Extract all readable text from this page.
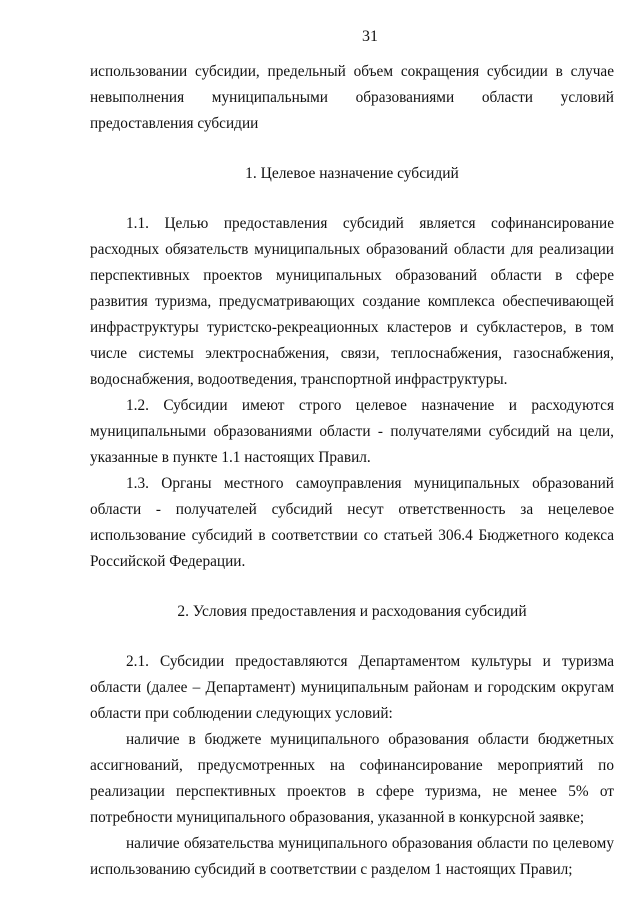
31

использовании субсидии, предельный объем сокращения субсидии в случае невыполнения муниципальными образованиями области условий предоставления субсидии

1. Целевое назначение субсидий

1.1. Целью предоставления субсидий является софинансирование расходных обязательств муниципальных образований области для реализации перспективных проектов муниципальных образований области в сфере развития туризма, предусматривающих создание комплекса обеспечивающей инфраструктуры туристско-рекреационных кластеров и субкластеров, в том числе системы электроснабжения, связи, теплоснабжения, газоснабжения, водоснабжения, водоотведения, транспортной инфраструктуры.

1.2. Субсидии имеют строго целевое назначение и расходуются муниципальными образованиями области - получателями субсидий на цели, указанные в пункте 1.1 настоящих Правил.

1.3. Органы местного самоуправления муниципальных образований области - получателей субсидий несут ответственность за нецелевое использование субсидий в соответствии со статьей 306.4 Бюджетного кодекса Российской Федерации.

2. Условия предоставления и расходования субсидий

2.1. Субсидии предоставляются Департаментом культуры и туризма области (далее – Департамент) муниципальным районам и городским округам области при соблюдении следующих условий:

наличие в бюджете муниципального образования области бюджетных ассигнований, предусмотренных на софинансирование мероприятий по реализации перспективных проектов в сфере туризма, не менее 5% от потребности муниципального образования, указанной в конкурсной заявке;

наличие обязательства муниципального образования области по целевому использованию субсидий в соответствии с разделом 1 настоящих Правил;
